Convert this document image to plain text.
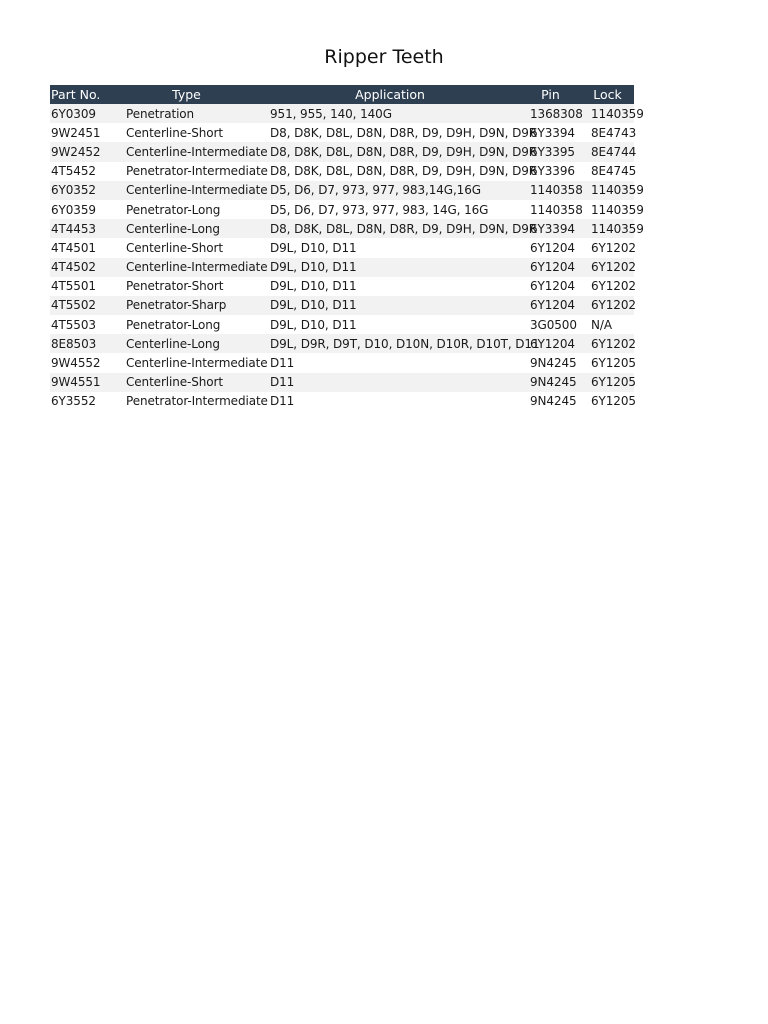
Ripper Teeth
Part No.	Type	Application	Pin	Lock
6Y0309	Penetration	951, 955, 140, 140G	1368308	1140359
9W2451	Centerline-Short	D8, D8K, D8L, D8N, D8R, D9, D9H, D9N, D9R	6Y3394	8E4743
9W2452	Centerline-Intermediate	D8, D8K, D8L, D8N, D8R, D9, D9H, D9N, D9R	6Y3395	8E4744
4T5452	Penetrator-Intermediate	D8, D8K, D8L, D8N, D8R, D9, D9H, D9N, D9R	6Y3396	8E4745
6Y0352	Centerline-Intermediate	D5, D6, D7, 973, 977, 983,14G,16G	1140358	1140359
6Y0359	Penetrator-Long	D5, D6, D7, 973, 977, 983, 14G, 16G	1140358	1140359
4T4453	Centerline-Long	D8, D8K, D8L, D8N, D8R, D9, D9H, D9N, D9R	6Y3394	1140359
4T4501	Centerline-Short	D9L, D10, D11	6Y1204	6Y1202
4T4502	Centerline-Intermediate	D9L, D10, D11	6Y1204	6Y1202
4T5501	Penetrator-Short	D9L, D10, D11	6Y1204	6Y1202
4T5502	Penetrator-Sharp	D9L, D10, D11	6Y1204	6Y1202
4T5503	Penetrator-Long	D9L, D10, D11	3G0500	N/A
8E8503	Centerline-Long	D9L, D9R, D9T, D10, D10N, D10R, D10T, D11	6Y1204	6Y1202
9W4552	Centerline-Intermediate	D11	9N4245	6Y1205
9W4551	Centerline-Short	D11	9N4245	6Y1205
6Y3552	Penetrator-Intermediate	D11	9N4245	6Y1205
